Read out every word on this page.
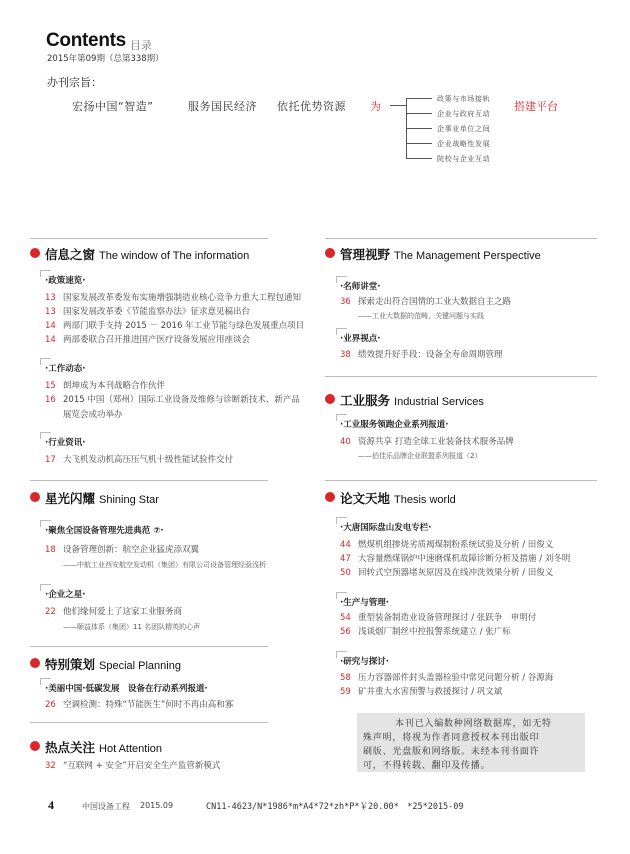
Contents 目录
2015年第09期（总第338期）
办刊宗旨：
宏扬中国“智造”	服务国民经济 依托优势资源 为	搭建平台
政策与市场接轨
企业与政府互动
企事业单位之间
企业战略性发展
院校与企业互动
信息之窗 The window of The information
·政策速览·
13 国家发展改革委发布实施增强制造业核心竞争力重大工程包通知
13 国家发展改革委《节能监察办法》征求意见稿出台
14 两部门联手支持 2015 － 2016 年工业节能与绿色发展重点项目
14 两部委联合召开推进国产医疗设备发展应用座谈会
·工作动态·
15 朗坤成为本刊战略合作伙伴
16 2015 中国（郑州）国际工业设备及维修与诊断新技术、新产品
展览会成功举办
·行业资讯·
17 大飞机发动机高压压气机十级性能试验件交付
星光闪耀 Shining Star
·聚焦全国设备管理先进典范 ⑦·
18 设备管理创新：航空企业猛虎添双翼
——中航工业西安航空发动机（集团）有限公司设备管理经验浅析
·企业之星·
22 他们缘何爱上了这家工业服务商
——颐益体系（集团）11 名团队精英的心声
特别策划 Special Planning
·美丽中国·低碳发展　设备在行动系列报道·
26 空调检测：特殊“节能医生”何时不再由高和寡
热点关注 Hot Attention
32 “互联网 + 安全”开启安全生产监管新模式
管理视野 The Management Perspective
·名师讲堂·
36 探索走出符合国情的工业大数据自主之路
——工业大数据的范畴、关键问题与实践
·业界视点·
38 绩效提升好手段：设备全寿命周期管理
工业服务 Industrial Services
·工业服务领跑企业系列报道·
40 资源共享 打造全球工业装备技术服务品牌
——伯佳乐品牌企业联盟系列报道（2）
论文天地 Thesis world
·大唐国际盘山发电专栏·
44 燃煤机组掺烧劣质褐煤制粉系统试验及分析 / 田俊义
47 大容量燃煤锅炉中速磨煤机故障诊断分析及措施 / 刘冬明
50 回转式空预器堵灰原因及在线冲洗效果分析 / 田俊义
·生产与管理·
54 重型装备制造业设备管理探讨 / 张跃争　申明付
56 浅谈烟厂制丝中控报警系统建立 / 张广标
·研究与探讨·
58 压力容器部件封头盖器检验中常见问题分析 / 谷源海
59 矿井重大水害预警与救援探讨 / 巩文斌
本刊已入编数种网络数据库，如无特
殊声明，将视为作者同意授权本刊出版印
刷版、光盘版和网络版。未经本刊书面许
可，不得转载、翻印及传播。
4	中国设备工程 2015.09	CN11-4623/N*1986*m*A4*72*zh*P*￥20.00*　*25*2015-09
